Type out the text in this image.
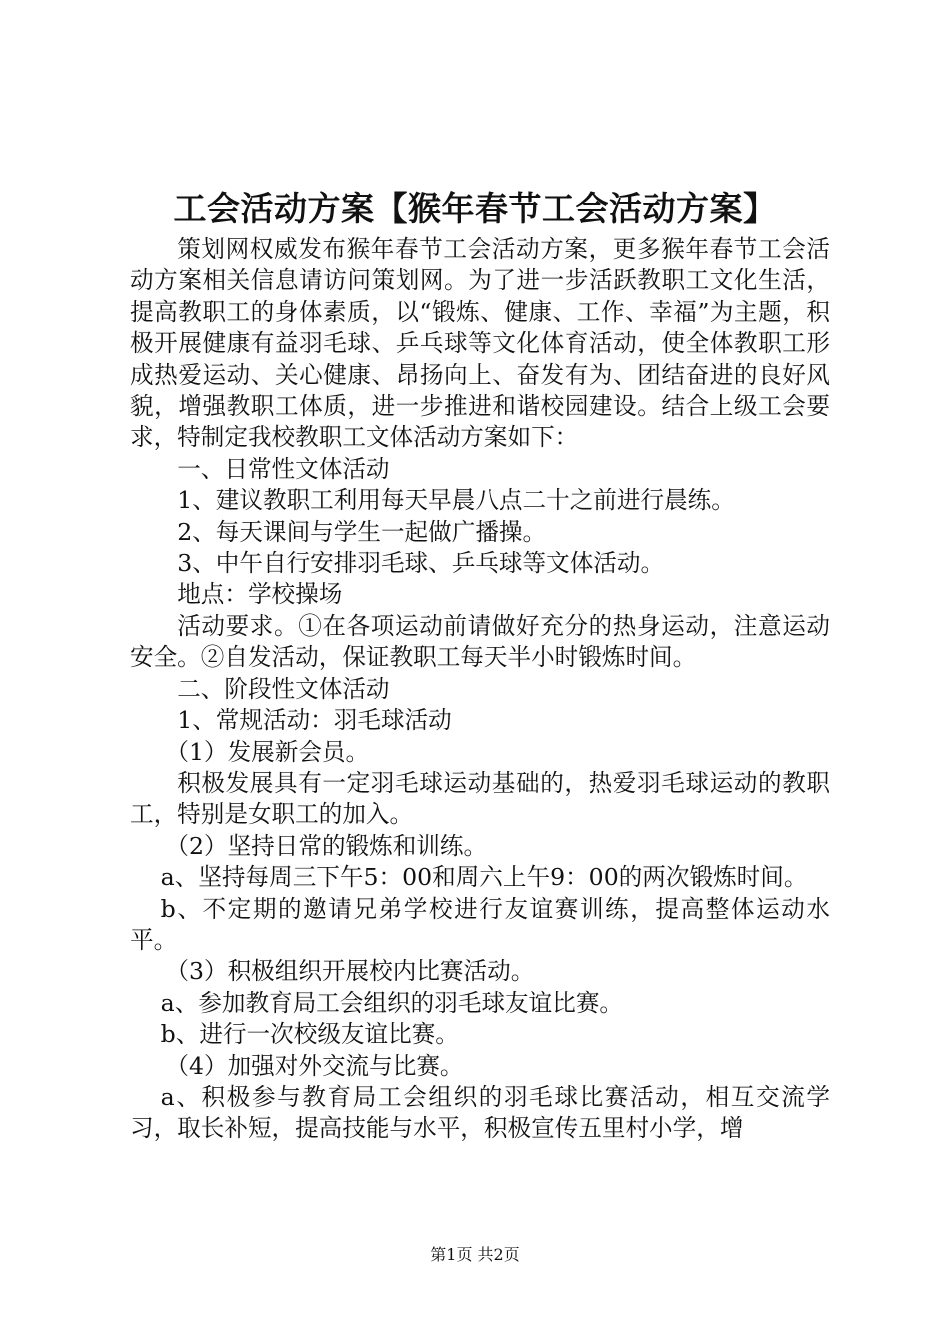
工会活动方案【猴年春节工会活动方案】

策划网权威发布猴年春节工会活动方案，更多猴年春节工会活动方案相关信息请访问策划网。为了进一步活跃教职工文化生活，提高教职工的身体素质，以“锻炼、健康、工作、幸福”为主题，积极开展健康有益羽毛球、乒乓球等文化体育活动，使全体教职工形成热爱运动、关心健康、昂扬向上、奋发有为、团结奋进的良好风貌，增强教职工体质，进一步推进和谐校园建设。结合上级工会要求，特制定我校教职工文体活动方案如下：

一、日常性文体活动

1、建议教职工利用每天早晨八点二十之前进行晨练。

2、每天课间与学生一起做广播操。

3、中午自行安排羽毛球、乒乓球等文体活动。

地点：学校操场

活动要求。①在各项运动前请做好充分的热身运动，注意运动安全。②自发活动，保证教职工每天半小时锻炼时间。

二、阶段性文体活动

1、常规活动：羽毛球活动

（1）发展新会员。

积极发展具有一定羽毛球运动基础的，热爱羽毛球运动的教职工，特别是女职工的加入。

（2）坚持日常的锻炼和训练。

a、坚持每周三下午5：00和周六上午9：00的两次锻炼时间。

b、不定期的邀请兄弟学校进行友谊赛训练，提高整体运动水平。

（3）积极组织开展校内比赛活动。

a、参加教育局工会组织的羽毛球友谊比赛。

b、进行一次校级友谊比赛。

（4）加强对外交流与比赛。

a、积极参与教育局工会组织的羽毛球比赛活动，相互交流学习，取长补短，提高技能与水平，积极宣传五里村小学，增

第1页 共2页
